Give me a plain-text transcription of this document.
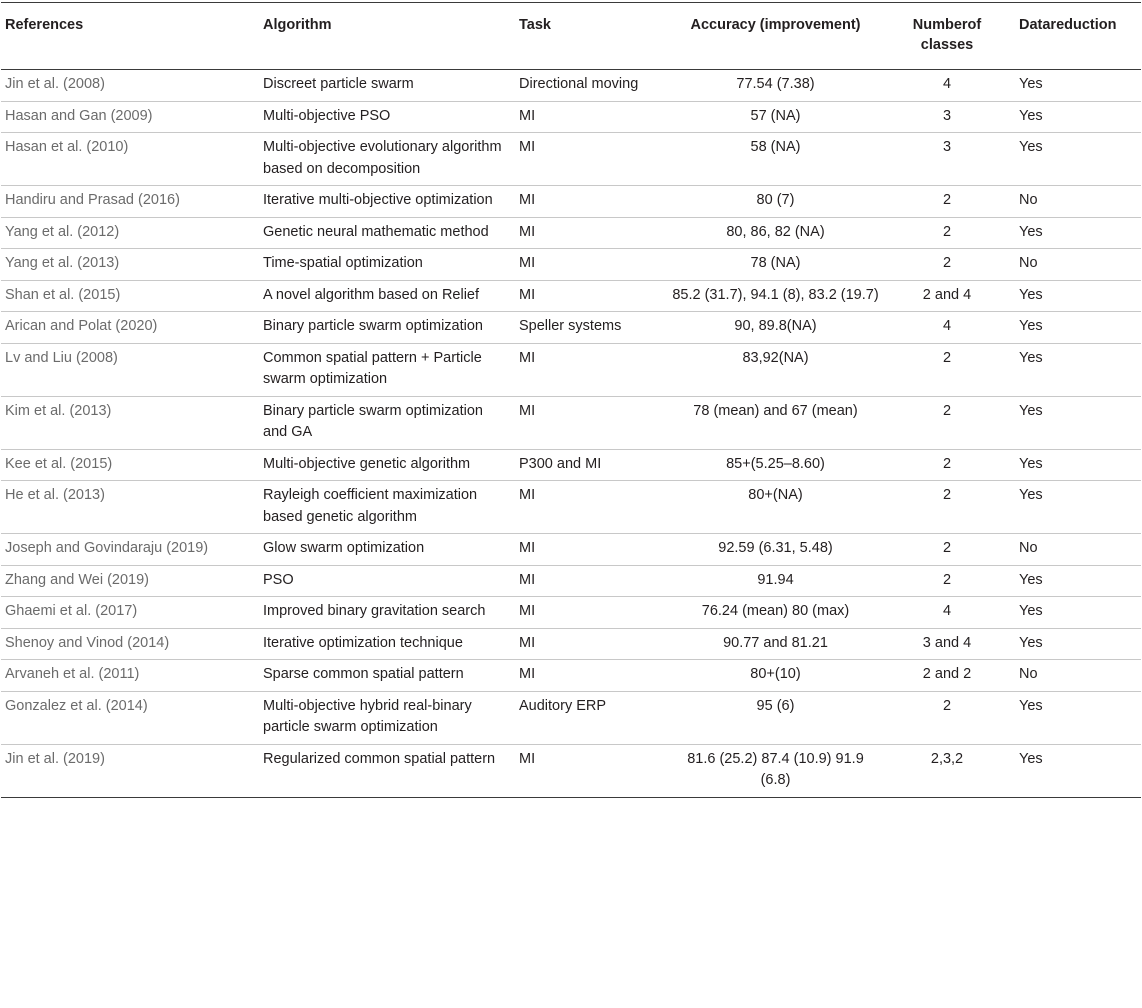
References	Algorithm	Task	Accuracy (improvement)	Numberof classes	Datareduction
Jin et al. (2008)	Discreet particle swarm	Directional moving	77.54 (7.38)	4	Yes
Hasan and Gan (2009)	Multi-objective PSO	MI	57 (NA)	3	Yes
Hasan et al. (2010)	Multi-objective evolutionary algorithm based on decomposition	MI	58 (NA)	3	Yes
Handiru and Prasad (2016)	Iterative multi-objective optimization	MI	80 (7)	2	No
Yang et al. (2012)	Genetic neural mathematic method	MI	80, 86, 82 (NA)	2	Yes
Yang et al. (2013)	Time-spatial optimization	MI	78 (NA)	2	No
Shan et al. (2015)	A novel algorithm based on Relief	MI	85.2 (31.7), 94.1 (8), 83.2 (19.7)	2 and 4	Yes
Arican and Polat (2020)	Binary particle swarm optimization	Speller systems	90, 89.8(NA)	4	Yes
Lv and Liu (2008)	Common spatial pattern + Particle swarm optimization	MI	83,92(NA)	2	Yes
Kim et al. (2013)	Binary particle swarm optimization and GA	MI	78 (mean) and 67 (mean)	2	Yes
Kee et al. (2015)	Multi-objective genetic algorithm	P300 and MI	85+(5.25–8.60)	2	Yes
He et al. (2013)	Rayleigh coefficient maximization based genetic algorithm	MI	80+(NA)	2	Yes
Joseph and Govindaraju (2019)	Glow swarm optimization	MI	92.59 (6.31, 5.48)	2	No
Zhang and Wei (2019)	PSO	MI	91.94	2	Yes
Ghaemi et al. (2017)	Improved binary gravitation search	MI	76.24 (mean) 80 (max)	4	Yes
Shenoy and Vinod (2014)	Iterative optimization technique	MI	90.77 and 81.21	3 and 4	Yes
Arvaneh et al. (2011)	Sparse common spatial pattern	MI	80+(10)	2 and 2	No
Gonzalez et al. (2014)	Multi-objective hybrid real-binary particle swarm optimization	Auditory ERP	95 (6)	2	Yes
Jin et al. (2019)	Regularized common spatial pattern	MI	81.6 (25.2) 87.4 (10.9) 91.9 (6.8)	2,3,2	Yes
